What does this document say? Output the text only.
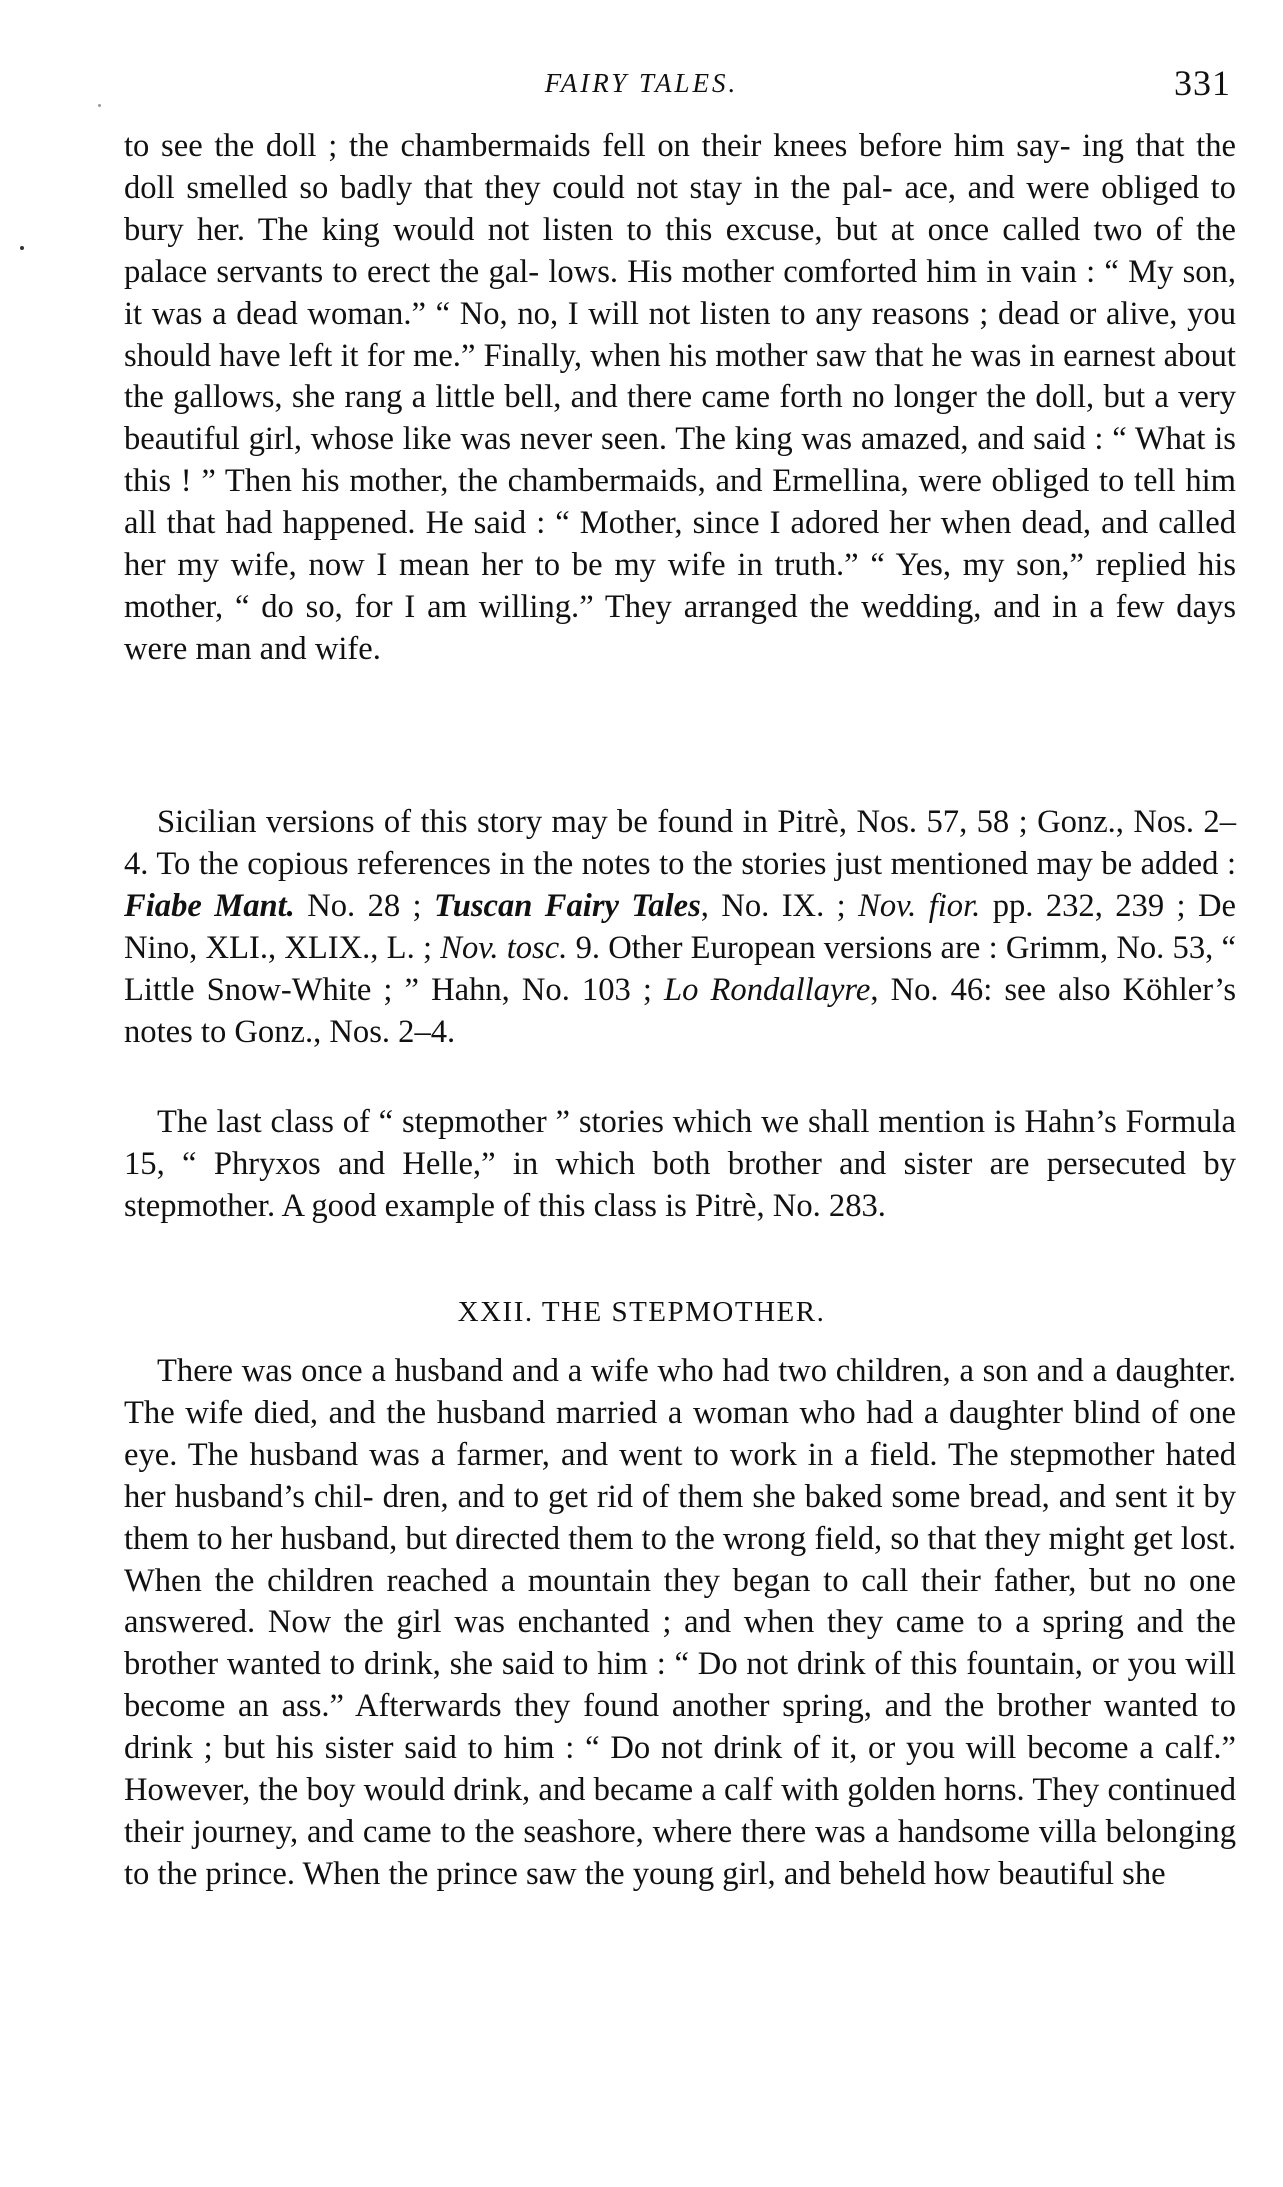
FAIRY TALES.	331

to see the doll ; the chambermaids fell on their knees before him say- ing that the doll smelled so badly that they could not stay in the pal- ace, and were obliged to bury her. The king would not listen to this excuse, but at once called two of the palace servants to erect the gal- lows. His mother comforted him in vain : “ My son, it was a dead woman.” “ No, no, I will not listen to any reasons ; dead or alive, you should have left it for me.” Finally, when his mother saw that he was in earnest about the gallows, she rang a little bell, and there came forth no longer the doll, but a very beautiful girl, whose like was never seen. The king was amazed, and said : “ What is this ! ” Then his mother, the chambermaids, and Ermellina, were obliged to tell him all that had happened. He said : “ Mother, since I adored her when dead, and called her my wife, now I mean her to be my wife in truth.” “ Yes, my son,” replied his mother, “ do so, for I am willing.” They arranged the wedding, and in a few days were man and wife.

Sicilian versions of this story may be found in Pitrè, Nos. 57, 58 ; Gonz., Nos. 2–4. To the copious references in the notes to the stories just mentioned may be added : Fiabe Mant. No. 28 ; Tuscan Fairy Tales, No. IX. ; Nov. fior. pp. 232, 239 ; De Nino, XLI., XLIX., L. ; Nov. tosc. 9. Other European versions are : Grimm, No. 53, “ Little Snow-White ; ” Hahn, No. 103 ; Lo Rondallayre, No. 46: see also Köhler’s notes to Gonz., Nos. 2–4.

The last class of “ stepmother ” stories which we shall mention is Hahn’s Formula 15, “ Phryxos and Helle,” in which both brother and sister are persecuted by stepmother. A good example of this class is Pitrè, No. 283.

XXII. THE STEPMOTHER.

There was once a husband and a wife who had two children, a son and a daughter. The wife died, and the husband married a woman who had a daughter blind of one eye. The husband was a farmer, and went to work in a field. The stepmother hated her husband’s chil- dren, and to get rid of them she baked some bread, and sent it by them to her husband, but directed them to the wrong field, so that they might get lost. When the children reached a mountain they began to call their father, but no one answered. Now the girl was enchanted ; and when they came to a spring and the brother wanted to drink, she said to him : “ Do not drink of this fountain, or you will become an ass.” Afterwards they found another spring, and the brother wanted to drink ; but his sister said to him : “ Do not drink of it, or you will become a calf.” However, the boy would drink, and became a calf with golden horns. They continued their journey, and came to the seashore, where there was a handsome villa belonging to the prince. When the prince saw the young girl, and beheld how beautiful she
